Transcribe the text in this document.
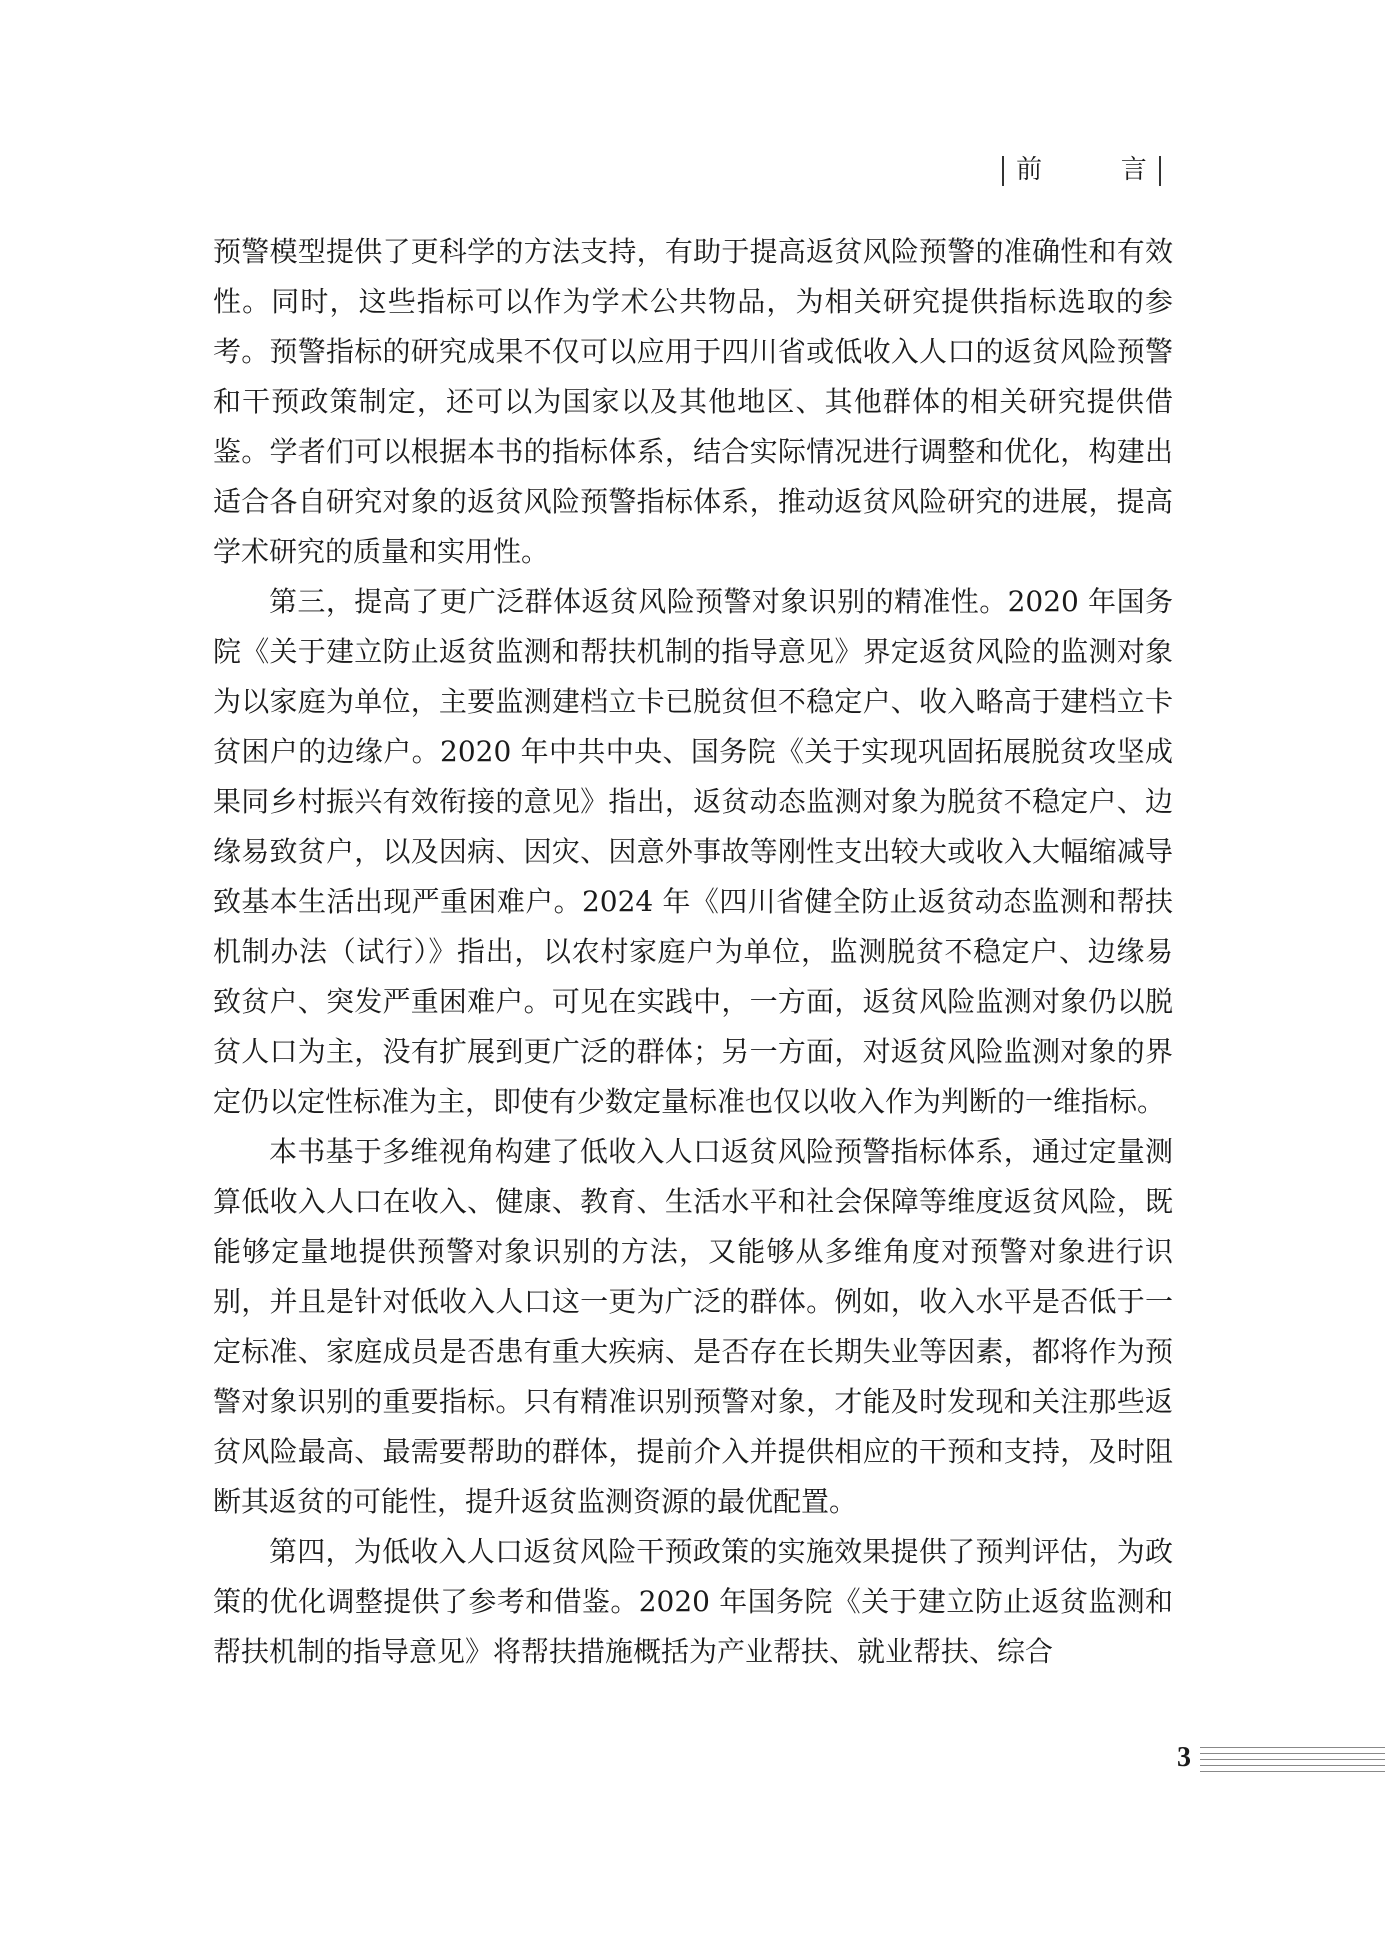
前	言

预警模型提供了更科学的方法支持，有助于提高返贫风险预警的准确性和有效性。同时，这些指标可以作为学术公共物品，为相关研究提供指标选取的参考。预警指标的研究成果不仅可以应用于四川省或低收入人口的返贫风险预警和干预政策制定，还可以为国家以及其他地区、其他群体的相关研究提供借鉴。学者们可以根据本书的指标体系，结合实际情况进行调整和优化，构建出适合各自研究对象的返贫风险预警指标体系，推动返贫风险研究的进展，提高学术研究的质量和实用性。

第三，提高了更广泛群体返贫风险预警对象识别的精准性。2020 年国务院《关于建立防止返贫监测和帮扶机制的指导意见》界定返贫风险的监测对象为以家庭为单位，主要监测建档立卡已脱贫但不稳定户、收入略高于建档立卡贫困户的边缘户。2020 年中共中央、国务院《关于实现巩固拓展脱贫攻坚成果同乡村振兴有效衔接的意见》指出，返贫动态监测对象为脱贫不稳定户、边缘易致贫户，以及因病、因灾、因意外事故等刚性支出较大或收入大幅缩减导致基本生活出现严重困难户。2024 年《四川省健全防止返贫动态监测和帮扶机制办法（试行）》指出，以农村家庭户为单位，监测脱贫不稳定户、边缘易致贫户、突发严重困难户。可见在实践中，一方面，返贫风险监测对象仍以脱贫人口为主，没有扩展到更广泛的群体；另一方面，对返贫风险监测对象的界定仍以定性标准为主，即使有少数定量标准也仅以收入作为判断的一维指标。

本书基于多维视角构建了低收入人口返贫风险预警指标体系，通过定量测算低收入人口在收入、健康、教育、生活水平和社会保障等维度返贫风险，既能够定量地提供预警对象识别的方法，又能够从多维角度对预警对象进行识别，并且是针对低收入人口这一更为广泛的群体。例如，收入水平是否低于一定标准、家庭成员是否患有重大疾病、是否存在长期失业等因素，都将作为预警对象识别的重要指标。只有精准识别预警对象，才能及时发现和关注那些返贫风险最高、最需要帮助的群体，提前介入并提供相应的干预和支持，及时阻断其返贫的可能性，提升返贫监测资源的最优配置。

第四，为低收入人口返贫风险干预政策的实施效果提供了预判评估，为政策的优化调整提供了参考和借鉴。2020 年国务院《关于建立防止返贫监测和帮扶机制的指导意见》将帮扶措施概括为产业帮扶、就业帮扶、综合

3
